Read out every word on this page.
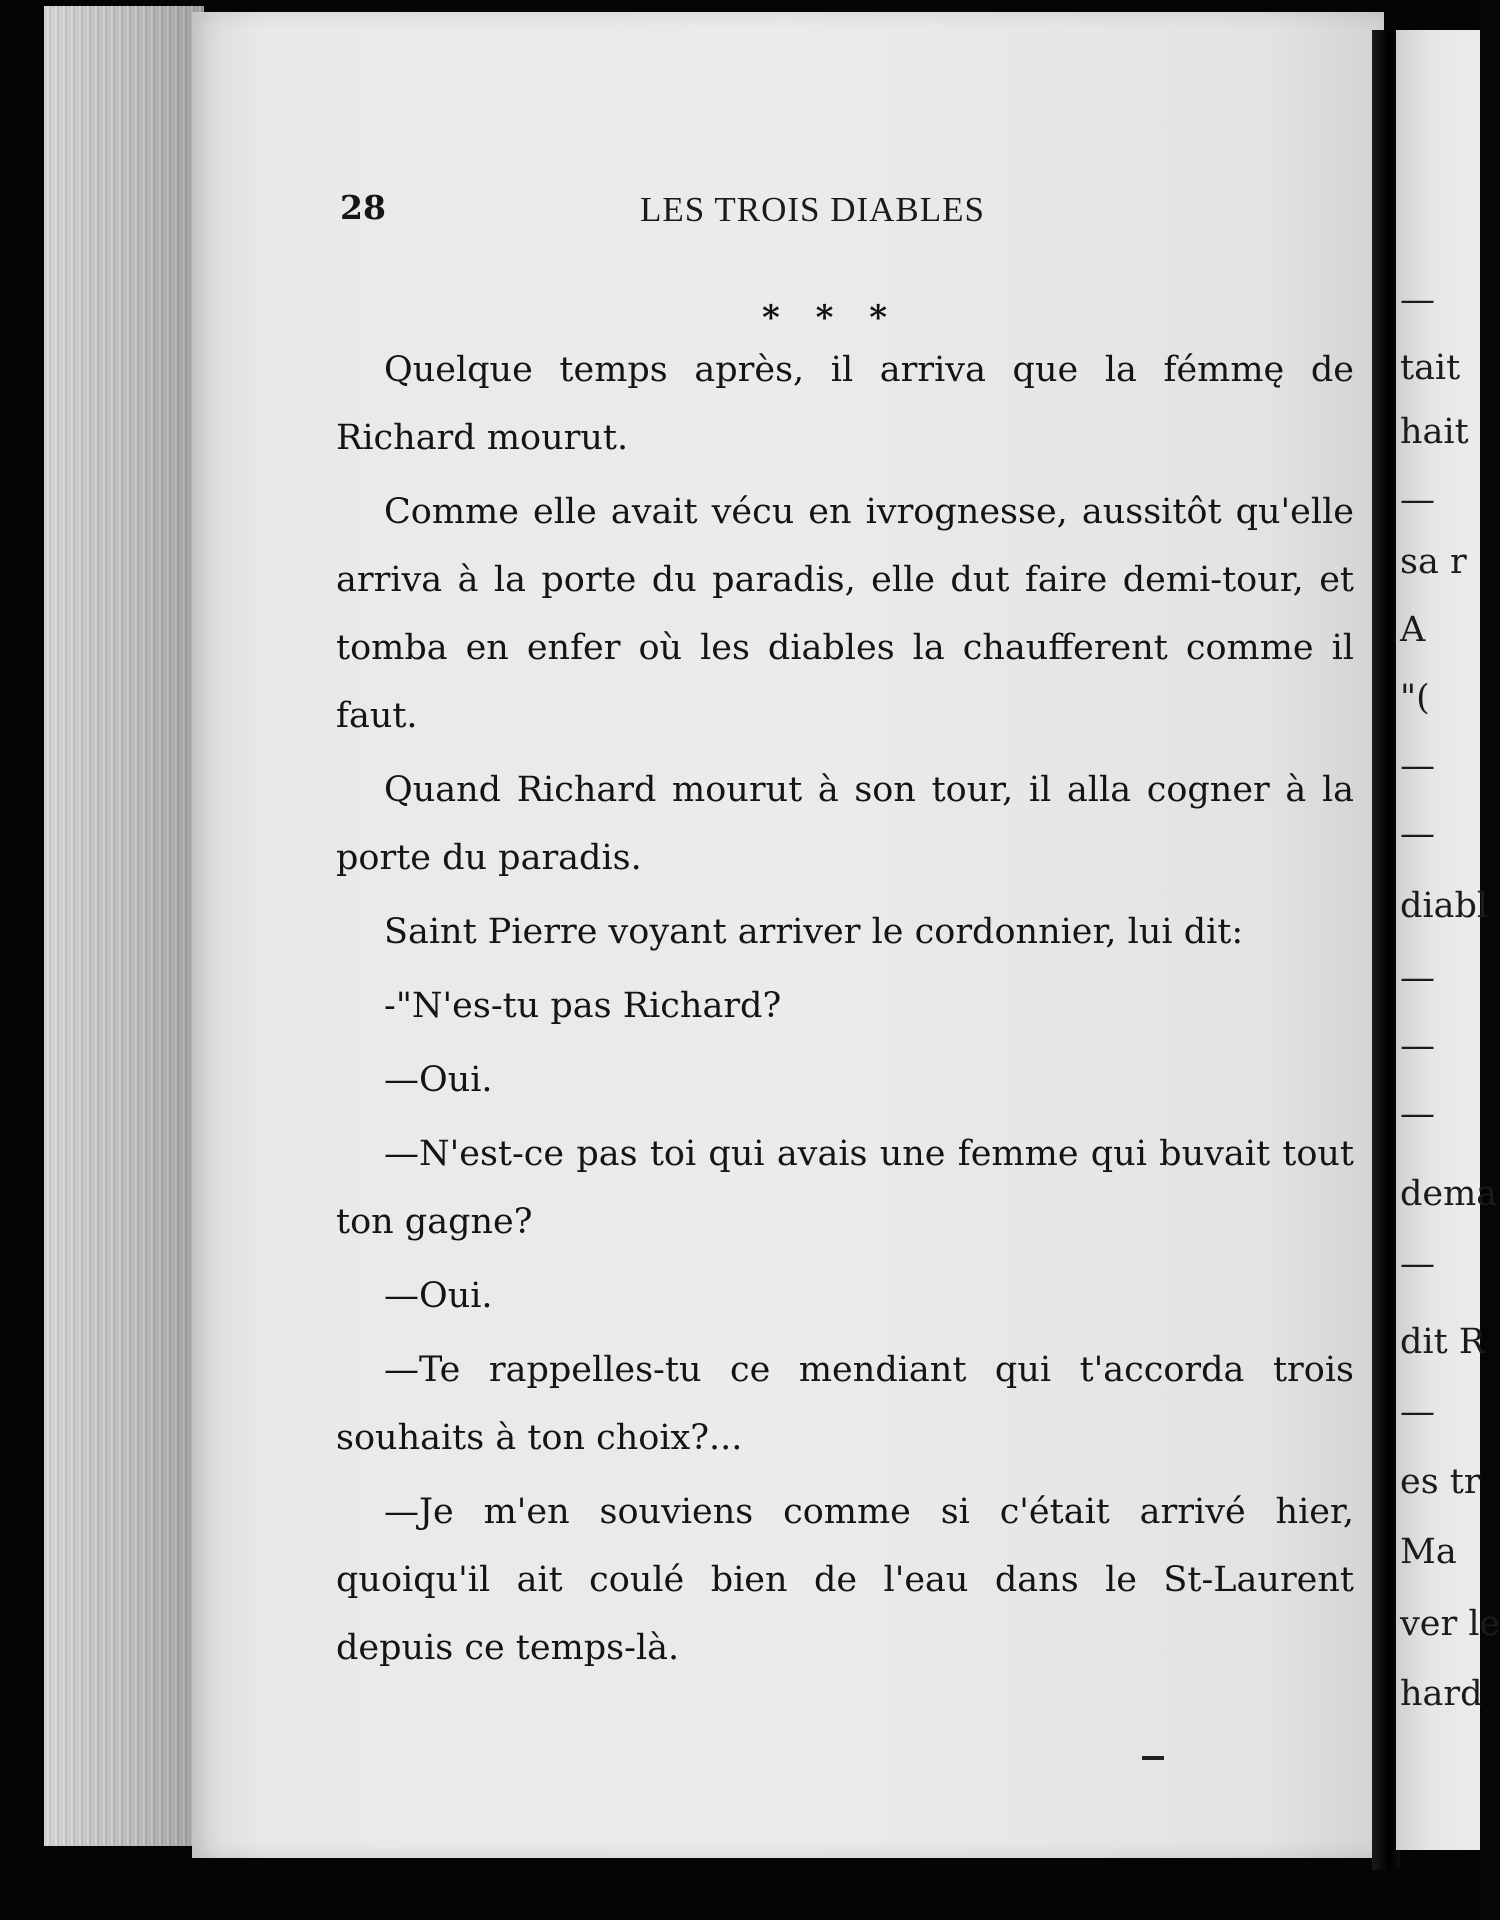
28	LES TROIS DIABLES
* * *

Quelque temps après, il arriva que la fémmę de Richard mourut.

Comme elle avait vécu en ivrognesse, aussitôt qu'elle arriva à la porte du paradis, elle dut faire demi-tour, et tomba en enfer où les diables la chaufferent comme il faut.

Quand Richard mourut à son tour, il alla cogner à la porte du paradis.

Saint Pierre voyant arriver le cordonnier, lui dit:

-"N'es-tu pas Richard?

—Oui.

—N'est-ce pas toi qui avais une femme qui buvait tout ton gagne?

—Oui.

—Te rappelles-tu ce mendiant qui t'accorda trois souhaits à ton choix?...

—Je m'en souviens comme si c'était arrivé hier, quoiqu'il ait coulé bien de l'eau dans le St-Laurent depuis ce temps-là.

—
tait
hait
—
sa r
A
"(
—
—
diabl
—
—
—
dema
—
dit R
—
es tr
Ma
ver le
hard
